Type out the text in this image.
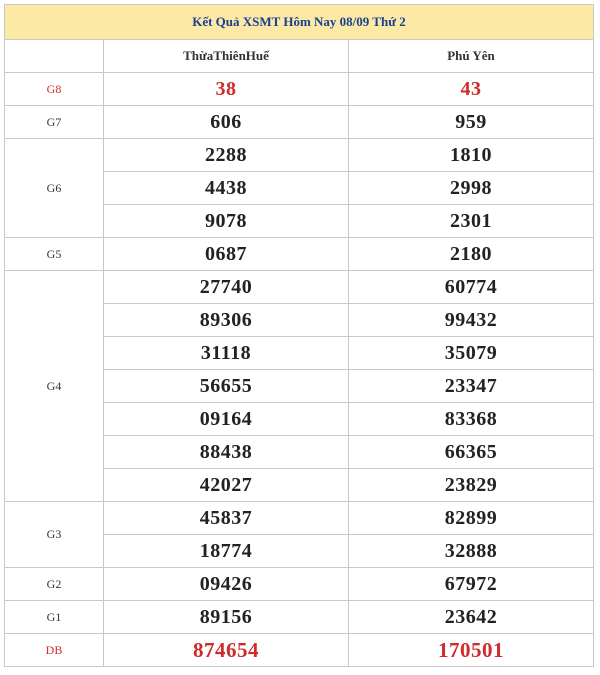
Kết Quả XSMT Hôm Nay 08/09 Thứ 2		
	ThừaThiênHuế	Phú Yên
G8	38	43
G7	606	959
G6	2288	1810
	4438	2998
	9078	2301
G5	0687	2180
G4	27740	60774
	89306	99432
	31118	35079
	56655	23347
	09164	83368
	88438	66365
	42027	23829
G3	45837	82899
	18774	32888
G2	09426	67972
G1	89156	23642
DB	874654	170501
